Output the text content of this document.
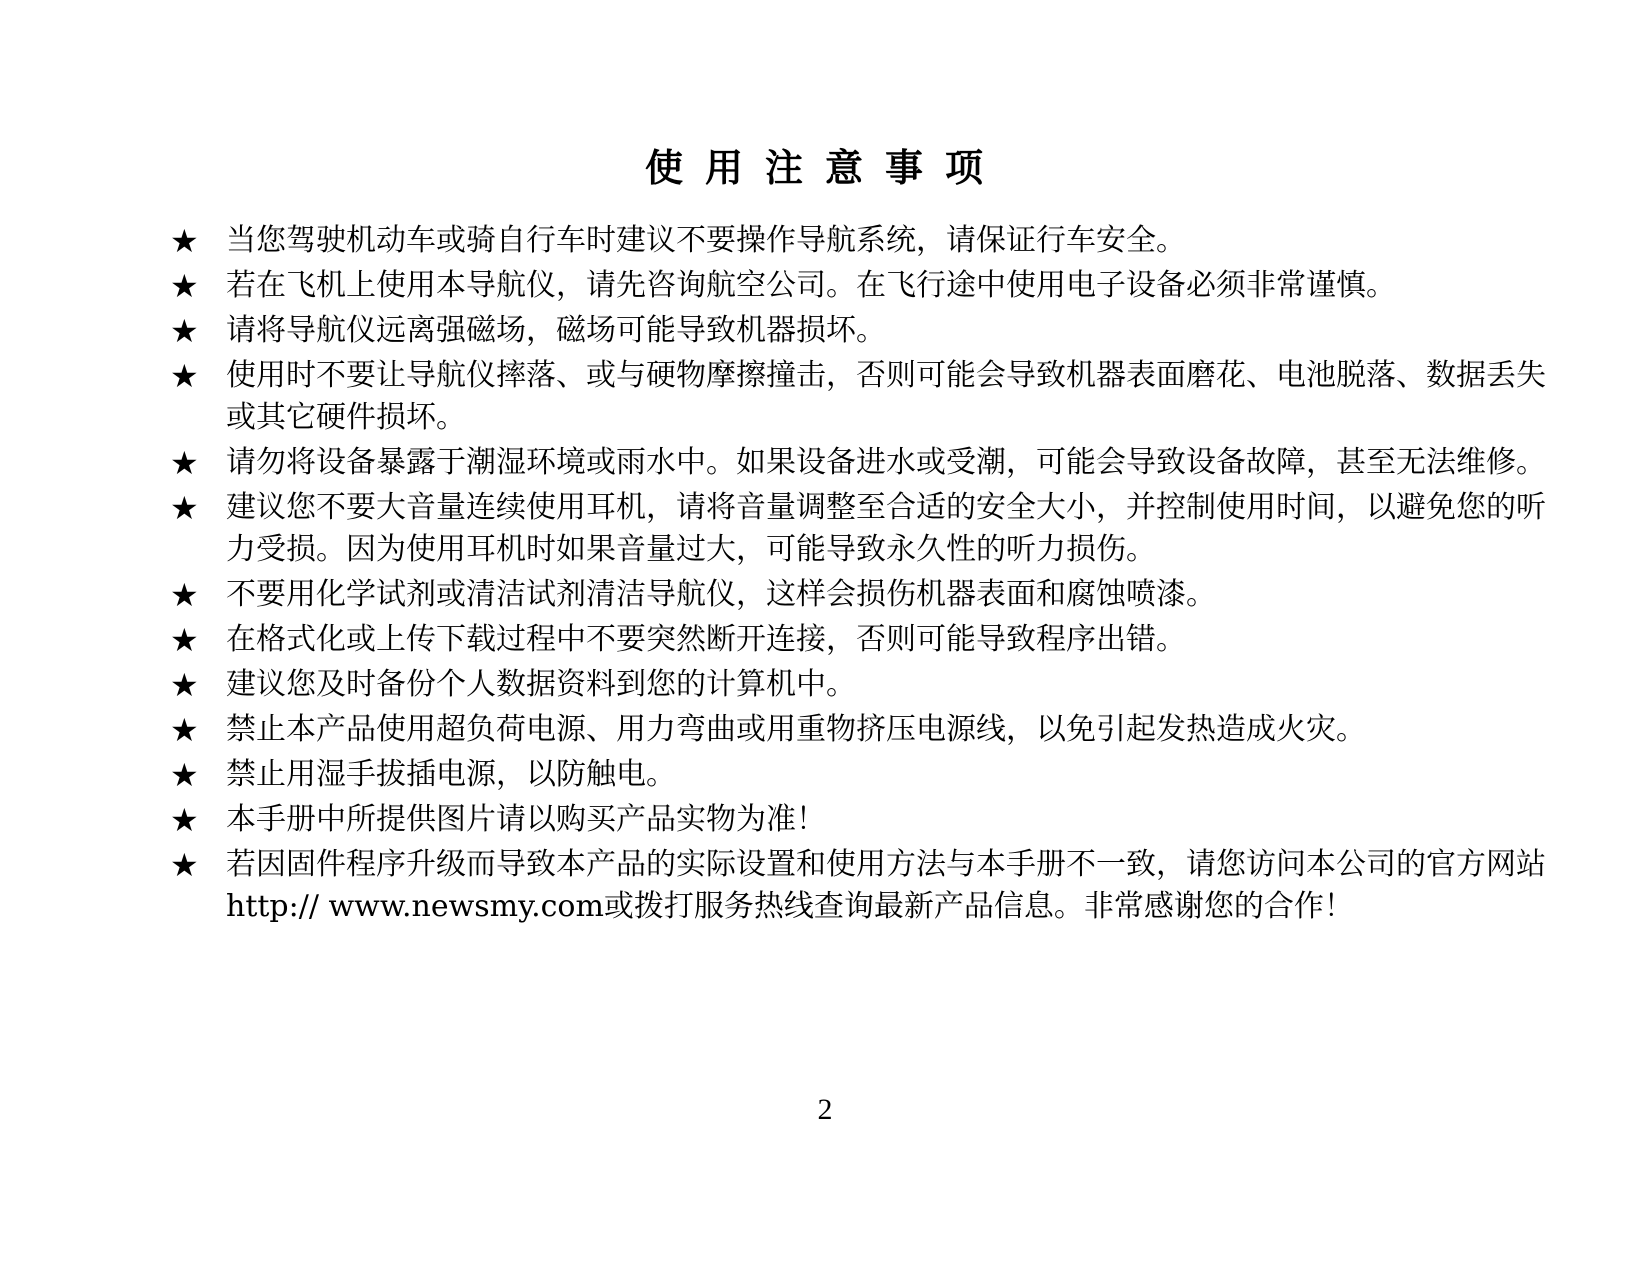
使用注意事项
★ 当您驾驶机动车或骑自行车时建议不要操作导航系统，请保证行车安全。
★ 若在飞机上使用本导航仪，请先咨询航空公司。在飞行途中使用电子设备必须非常谨慎。
★ 请将导航仪远离强磁场，磁场可能导致机器损坏。
★ 使用时不要让导航仪摔落、或与硬物摩擦撞击，否则可能会导致机器表面磨花、电池脱落、数据丢失或其它硬件损坏。
★ 请勿将设备暴露于潮湿环境或雨水中。如果设备进水或受潮，可能会导致设备故障，甚至无法维修。
★ 建议您不要大音量连续使用耳机，请将音量调整至合适的安全大小，并控制使用时间，以避免您的听力受损。因为使用耳机时如果音量过大，可能导致永久性的听力损伤。
★ 不要用化学试剂或清洁试剂清洁导航仪，这样会损伤机器表面和腐蚀喷漆。
★ 在格式化或上传下载过程中不要突然断开连接，否则可能导致程序出错。
★ 建议您及时备份个人数据资料到您的计算机中。
★ 禁止本产品使用超负荷电源、用力弯曲或用重物挤压电源线，以免引起发热造成火灾。
★ 禁止用湿手拔插电源，以防触电。
★ 本手册中所提供图片请以购买产品实物为准！
★ 若因固件程序升级而导致本产品的实际设置和使用方法与本手册不一致，请您访问本公司的官方网站http:// www.newsmy.com或拨打服务热线查询最新产品信息。非常感谢您的合作！
2
